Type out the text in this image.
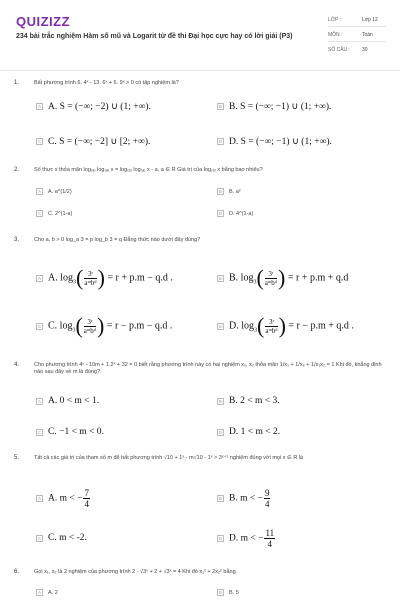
QUIZIZZ
234 bài trắc nghiệm Hàm số mũ và Logarit từ đề thi Đại học cực hay có lời giải (P3)
LỚP :	Lớp 12
MÔN :	Toán
SỐ CÂU : 30
1.	Bất phương trình 6. 4ˣ - 13. 6ˣ + 6. 9ˣ > 0 có tập nghiệm là?
A A. S = (−∞; −2) ∪ (1; +∞).	B B. S = (−∞; −1) ∪ (1; +∞).
C C. S = (−∞; −2] ∪ [2; +∞).	D D. S = (−∞; −1) ∪ (1; +∞).
2.	Số thực x thỏa mãn log₍ₐ₎ log₍ₐ₎ x = log₍ₐ₎ log₍ₐ₎ x - a, a ∈ R Giá trị của log₍ₐ₎ x bằng bao nhiêu?
A	A. a^(1/2)	B	B. a²
C	C. 2^(1-a)	D	D. 4^(1-a)
3.	Cho a, b > 0 log_a 3 = p log_b 3 = q Đẳng thức nào dưới đây đúng?
A A. $\log_3$( 3ʳ
aᵐbᵈ ) = r + p.m − q.d .	B B. $\log_3$( 3ʳ
aᵐbᵈ ) = r + p.m + q.d
C C. $\log_3$( 3ʳ
aᵐbᵈ ) = r − p.m − q.d .	D D. $\log_3$( 3ʳ
aᵐbᵈ ) = r − p.m + q.d .
4.	Cho phương trình 4ˣ - 10m + 1.2ˣ + 32 = 0 biết rằng phương trình này có hai nghiệm x₁, x₂ thỏa mãn 1/x₁ + 1/x₂ + 1/x₁x₂ = 1 Khi đó, khẳng định nào sau đây về m là đúng?
A A. 0 < m < 1.	B B. 2 < m < 3.
C C. −1 < m < 0.	D D. 1 < m < 2.
5.	Tất cả các giá trị của tham số m để bất phương trình √10 + 1ˣ - m√10 - 1ˣ > 3ˣ⁺¹ nghiệm đúng với mọi x ∈ R là
A A. m < − $\frac{7}{4}$	B B. m < − $\frac{9}{4}$
C C. m < -2.	D D. m < − $\frac{11}{4}$
6.	Gọi x₁, x₂ là 2 nghiệm của phương trình 2 - √3ˣ + 2 + √3ˣ = 4 Khi đó x₁² + 2x₂² bằng
A	A. 2	B	B. 5
